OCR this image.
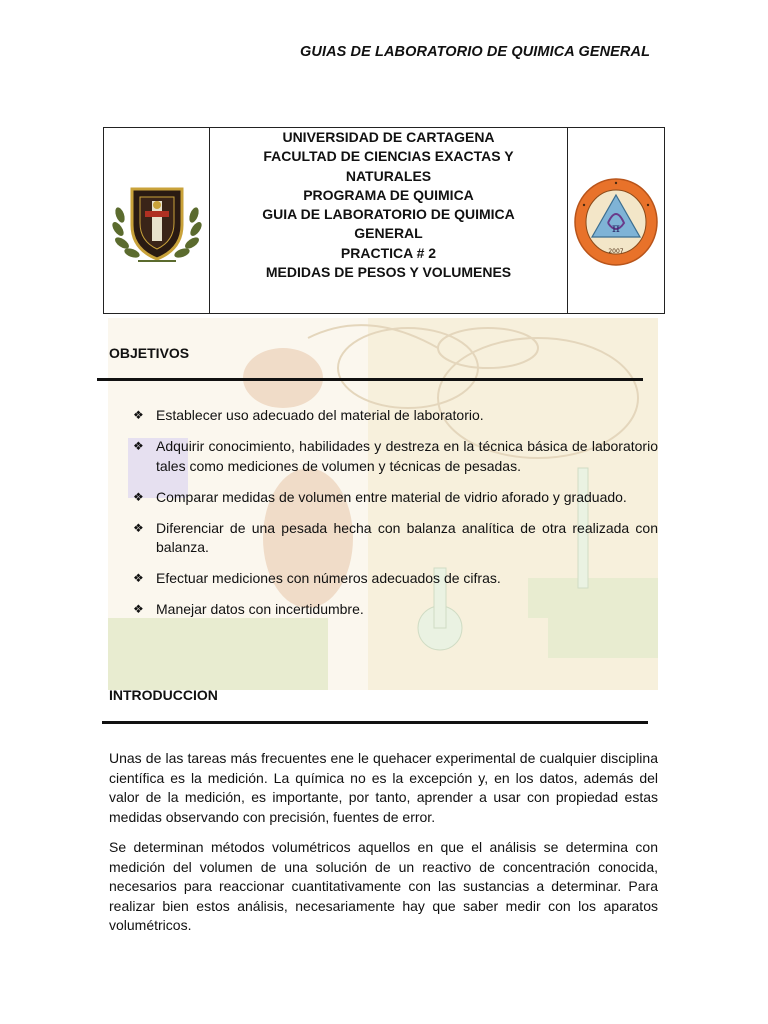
GUIAS DE LABORATORIO DE QUIMICA GENERAL
UNIVERSIDAD DE CARTAGENA
FACULTAD DE CIENCIAS EXACTAS Y
NATURALES
PROGRAMA DE QUIMICA
GUIA DE LABORATORIO DE QUIMICA
GENERAL
PRACTICA # 2
MEDIDAS DE PESOS Y VOLUMENES
π
2007
OBJETIVOS
❖ Establecer uso adecuado del material de laboratorio.
❖ Adquirir conocimiento, habilidades y destreza en la técnica básica de laboratorio tales como mediciones de volumen y técnicas de pesadas.
❖ Comparar medidas de volumen entre material de vidrio aforado y graduado.
❖ Diferenciar de una pesada hecha con balanza analítica de otra realizada con balanza.
❖ Efectuar mediciones con números adecuados de cifras.
❖ Manejar datos con incertidumbre.
INTRODUCCION

Unas de las tareas más frecuentes ene le quehacer experimental de cualquier disciplina científica es la medición. La química no es la excepción y, en los datos, además del valor de la medición, es importante, por tanto, aprender a usar con propiedad estas medidas observando con precisión, fuentes de error.

Se determinan métodos volumétricos aquellos en que el análisis se determina con medición del volumen de una solución de un reactivo de concentración conocida, necesarios para reaccionar cuantitativamente con las sustancias a determinar. Para realizar bien estos análisis, necesariamente hay que saber medir con los aparatos volumétricos.
